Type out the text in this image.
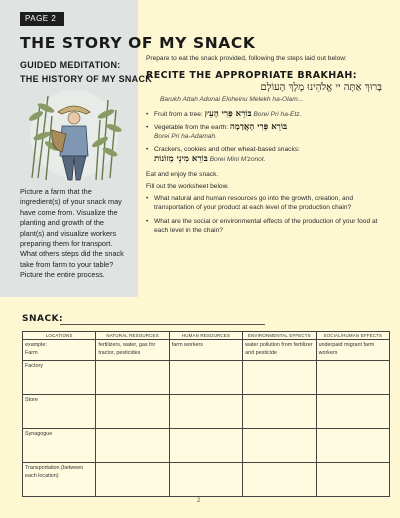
PAGE 2
THE STORY OF MY SNACK
GUIDED MEDITATION:
THE HISTORY OF MY SNACK
Picture a farm that the ingredient(s) of your snack may have come from. Visualize the planting and growth of the plant(s) and visualize workers preparing them for transport. What others steps did the snack take from farm to your table? Picture the entire process.

Prepare to eat the snack provided, following the steps laid out below:

RECITE THE APPROPRIATE BRAKHAH:
בָּרוּךְ אַתָּה יי אֱלֹהֵינוּ מֶלֶךְ הָעוֹלָם
Barukh Attah Adonai Eloheinu Melekh ha-Olam...
• Fruit from a tree: בּוֹרֵא פְּרִי הָעֵץ Borei Pri ha-Etz.
• Vegetable from the earth: בּוֹרֵא פְּרִי הָאֲדָמָה
Borei Pri ha-Adamah.
• Crackers, cookies and other wheat-based snacks:
בּוֹרֵא מִינֵי מְזוֹנוֹת Borei Mini M'zonot.

Eat and enjoy the snack.

Fill out the worksheet below.

• What natural and human resources go into the growth, creation, and transportation of your product at each level of the production chain?
• What are the social or environmental effects of the production of your food at each level in the chain?
SNACK:
LOCATIONS	NATURAL RESOURCES	HUMAN RESOURCES	ENVIRONMENTAL EFFECTS	SOCIAL/HUMAN EFFECTS
example:
Farm	fertilizers, water, gas for tractor, pesticides	farm workers	water pollution from fertilizer and pesticide	underpaid migrant farm workers
Factory				
Store				
Synagogue				
Transportation (between each location)				
2
